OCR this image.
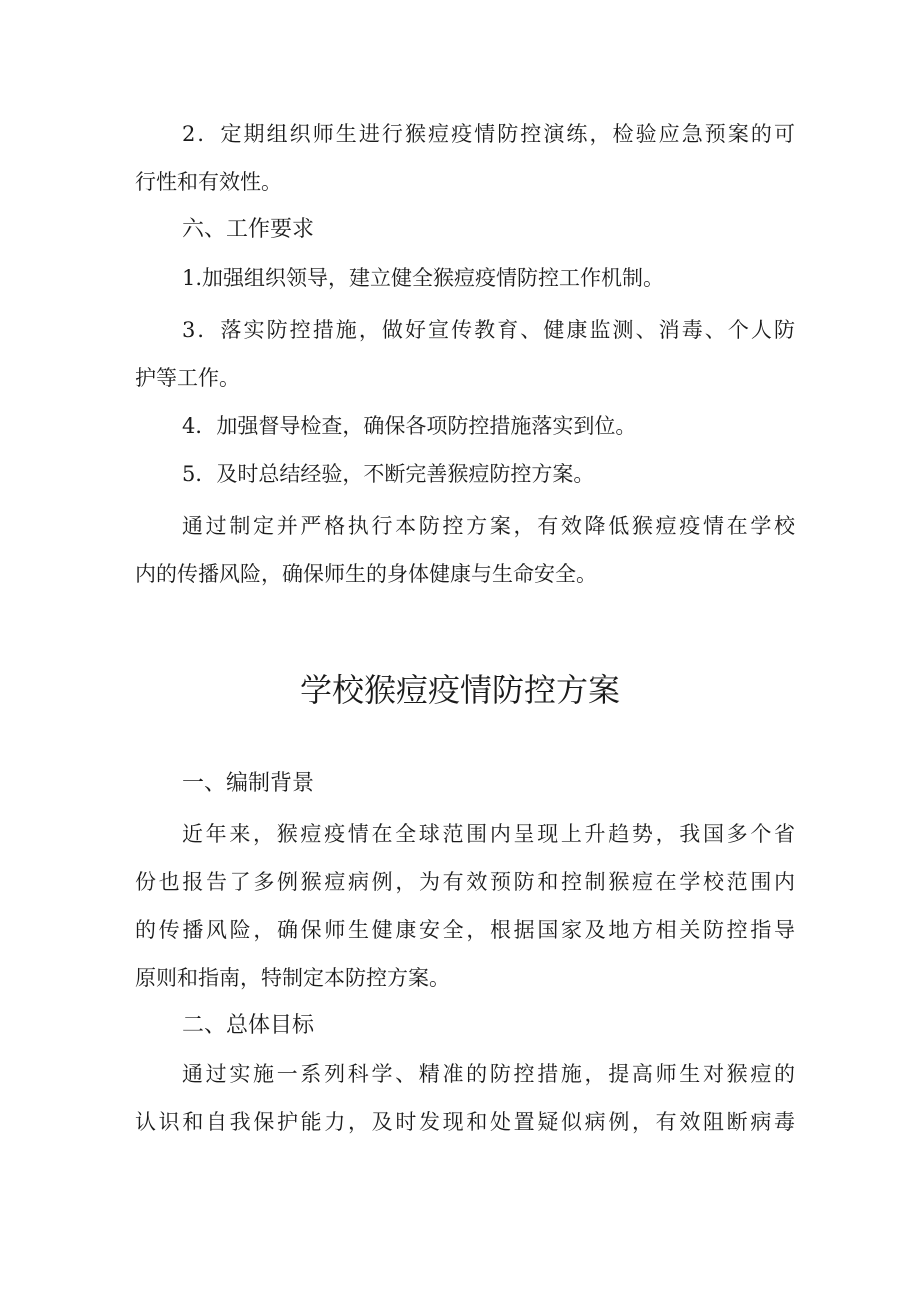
2．定期组织师生进行猴痘疫情防控演练，检验应急预案的可
行性和有效性。
六、工作要求
1.加强组织领导，建立健全猴痘疫情防控工作机制。
3．落实防控措施，做好宣传教育、健康监测、消毒、个人防
护等工作。
4．加强督导检查，确保各项防控措施落实到位。
5．及时总结经验，不断完善猴痘防控方案。
通过制定并严格执行本防控方案，有效降低猴痘疫情在学校
内的传播风险，确保师生的身体健康与生命安全。
学校猴痘疫情防控方案
一、编制背景
近年来，猴痘疫情在全球范围内呈现上升趋势，我国多个省
份也报告了多例猴痘病例，为有效预防和控制猴痘在学校范围内
的传播风险，确保师生健康安全，根据国家及地方相关防控指导
原则和指南，特制定本防控方案。
二、总体目标
通过实施一系列科学、精准的防控措施，提高师生对猴痘的
认识和自我保护能力，及时发现和处置疑似病例，有效阻断病毒
